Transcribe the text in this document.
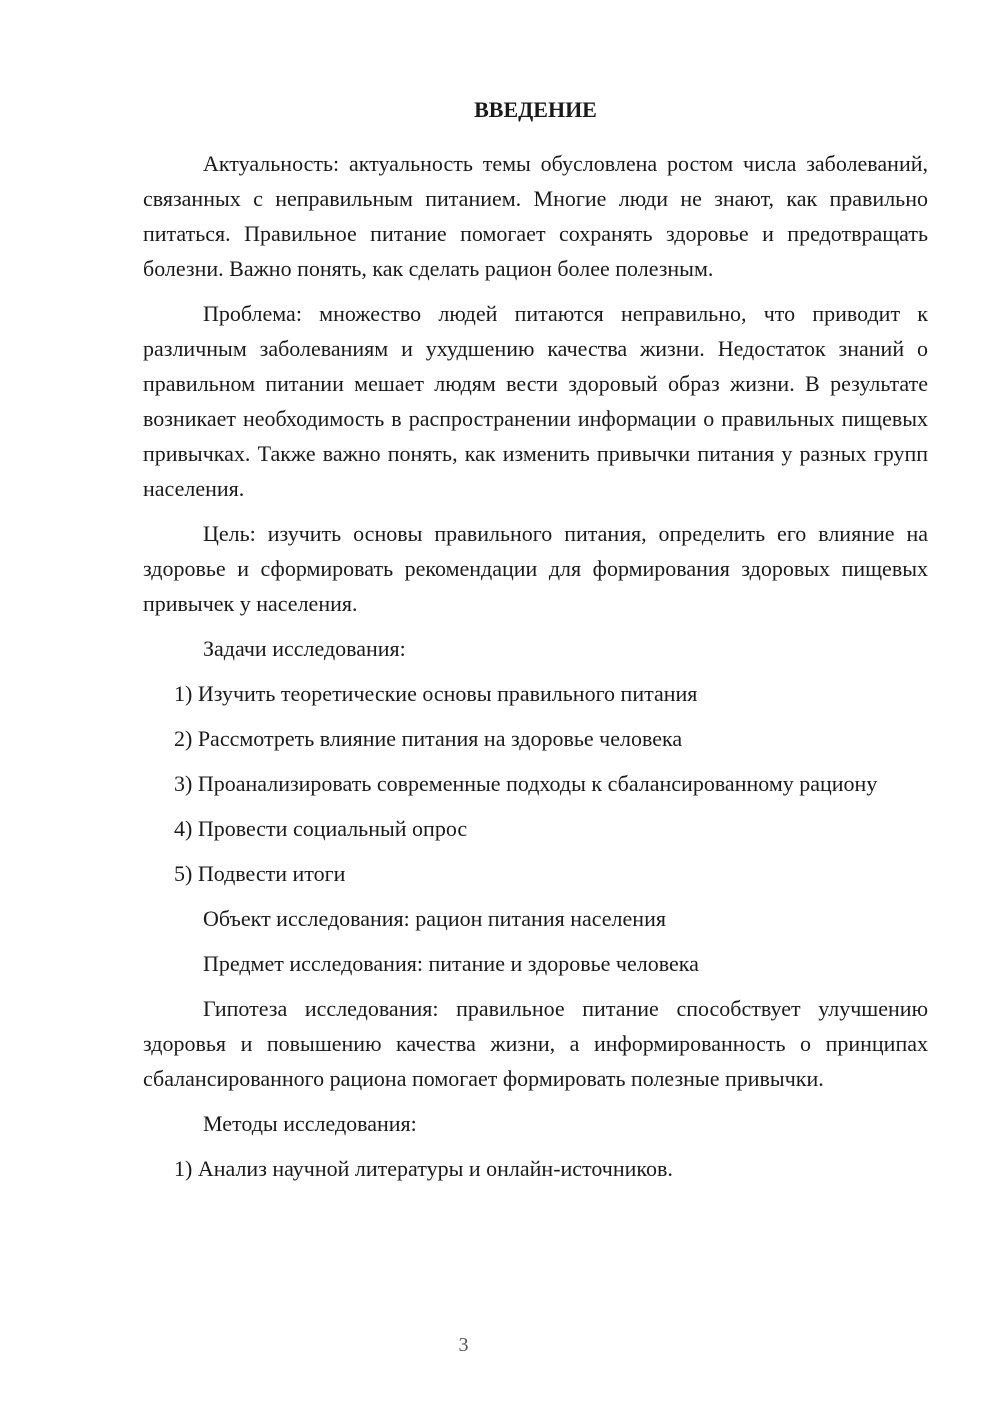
ВВЕДЕНИЕ

Актуальность: актуальность темы обусловлена ростом числа заболеваний, связанных с неправильным питанием. Многие люди не знают, как правильно питаться. Правильное питание помогает сохранять здоровье и предотвращать болезни. Важно понять, как сделать рацион более полезным.

Проблема: множество людей питаются неправильно, что приводит к различным заболеваниям и ухудшению качества жизни. Недостаток знаний о правильном питании мешает людям вести здоровый образ жизни. В результате возникает необходимость в распространении информации о правильных пищевых привычках. Также важно понять, как изменить привычки питания у разных групп населения.

Цель: изучить основы правильного питания, определить его влияние на здоровье и сформировать рекомендации для формирования здоровых пищевых привычек у населения.

Задачи исследования:

1) Изучить теоретические основы правильного питания

2) Рассмотреть влияние питания на здоровье человека

3) Проанализировать современные подходы к сбалансированному рациону

4) Провести социальный опрос

5) Подвести итоги

Объект исследования: рацион питания населения

Предмет исследования: питание и здоровье человека

Гипотеза исследования: правильное питание способствует улучшению здоровья и повышению качества жизни, а информированность о принципах сбалансированного рациона помогает формировать полезные привычки.

Методы исследования:

1) Анализ научной литературы и онлайн-источников.

3
